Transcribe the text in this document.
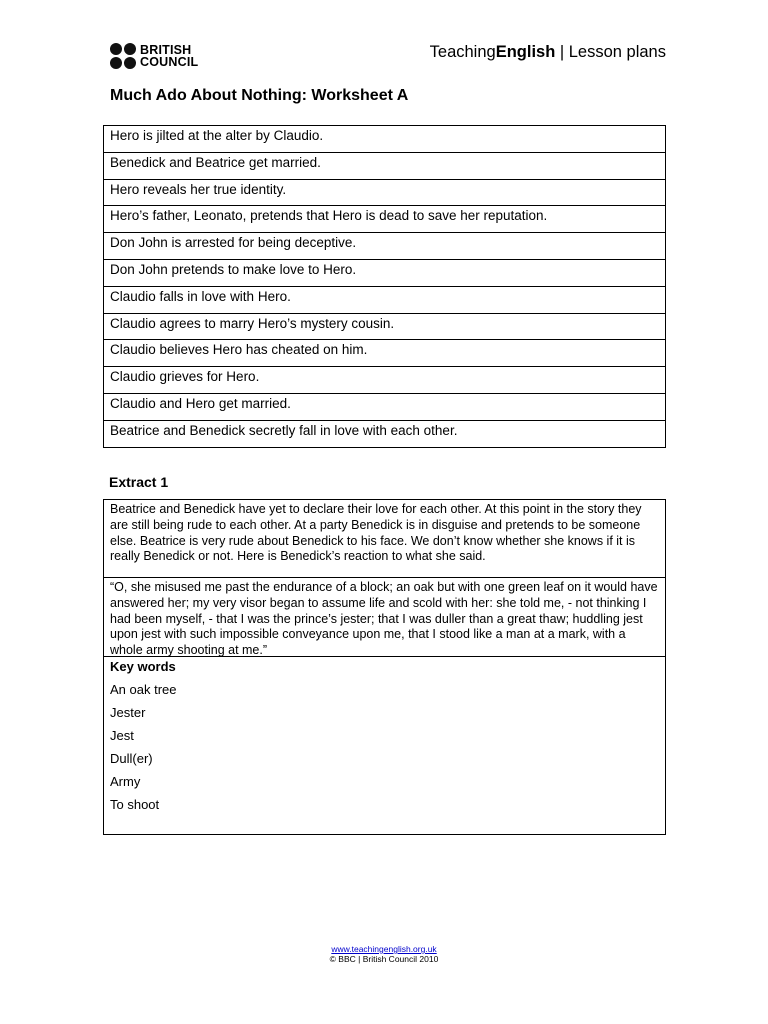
BRITISH
COUNCIL
TeachingEnglish | Lesson plans
Much Ado About Nothing: Worksheet A
Hero is jilted at the alter by Claudio.
Benedick and Beatrice get married.
Hero reveals her true identity.
Hero’s father, Leonato, pretends that Hero is dead to save her reputation.
Don John is arrested for being deceptive.
Don John pretends to make love to Hero.
Claudio falls in love with Hero.
Claudio agrees to marry Hero’s mystery cousin.
Claudio believes Hero has cheated on him.
Claudio grieves for Hero.
Claudio and Hero get married.
Beatrice and Benedick secretly fall in love with each other.
Extract 1
Beatrice and Benedick have yet to declare their love for each other. At this point in the story they are still being rude to each other. At a party Benedick is in disguise and pretends to be someone else. Beatrice is very rude about Benedick to his face. We don’t know whether she knows if it is really Benedick or not. Here is Benedick’s reaction to what she said.
“O, she misused me past the endurance of a block; an oak but with one green leaf on it would have answered her; my very visor began to assume life and scold with her: she told me, - not thinking I had been myself, - that I was the prince’s jester; that I was duller than a great thaw; huddling jest upon jest with such impossible conveyance upon me, that I stood like a man at a mark, with a whole army shooting at me.”
Key words
An oak tree
Jester
Jest
Dull(er)
Army
To shoot
www.teachingenglish.org.uk
© BBC | British Council 2010
